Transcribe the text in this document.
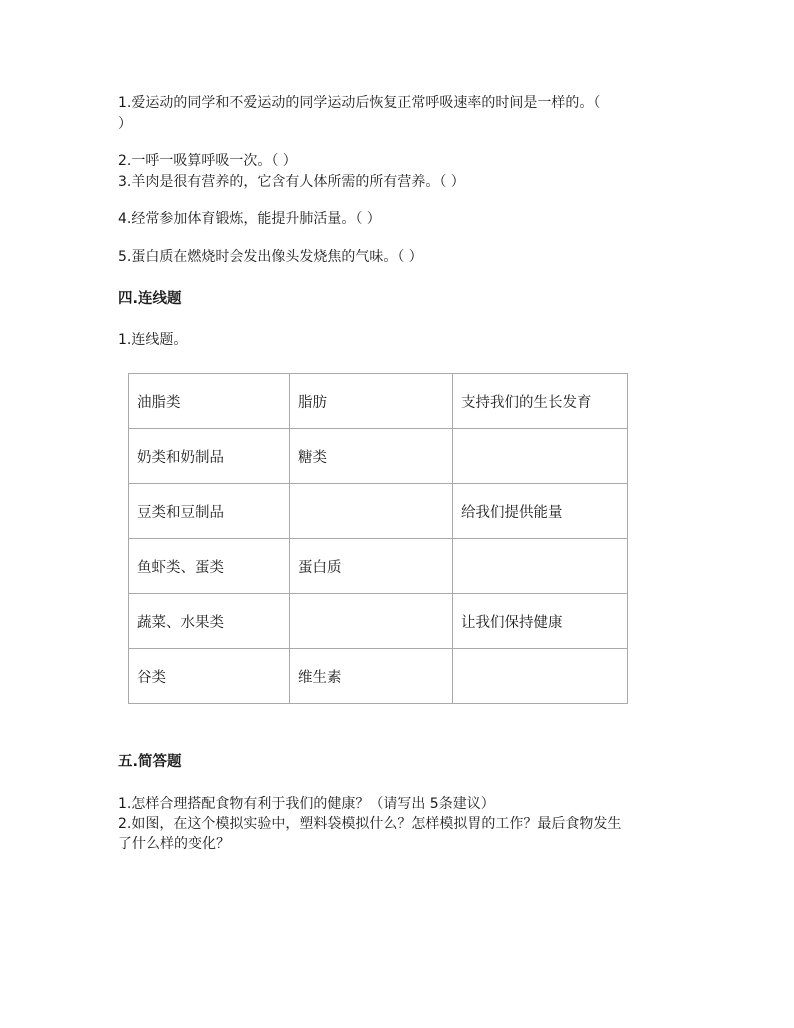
1.爱运动的同学和不爱运动的同学运动后恢复正常呼吸速率的时间是一样的。（
）
2.一呼一吸算呼吸一次。（ ）
3.羊肉是很有营养的，它含有人体所需的所有营养。（ ）
4.经常参加体育锻炼，能提升肺活量。（ ）
5.蛋白质在燃烧时会发出像头发烧焦的气味。（ ）
四.连线题
1.连线题。
油脂类	脂肪	支持我们的生长发育
奶类和奶制品	糖类	
豆类和豆制品		给我们提供能量
鱼虾类、蛋类	蛋白质	
蔬菜、水果类		让我们保持健康
谷类	维生素	
五.简答题
1.怎样合理搭配食物有利于我们的健康？（请写出 5条建议）
2.如图，在这个模拟实验中，塑料袋模拟什么？怎样模拟胃的工作？最后食物发生
了什么样的变化？
